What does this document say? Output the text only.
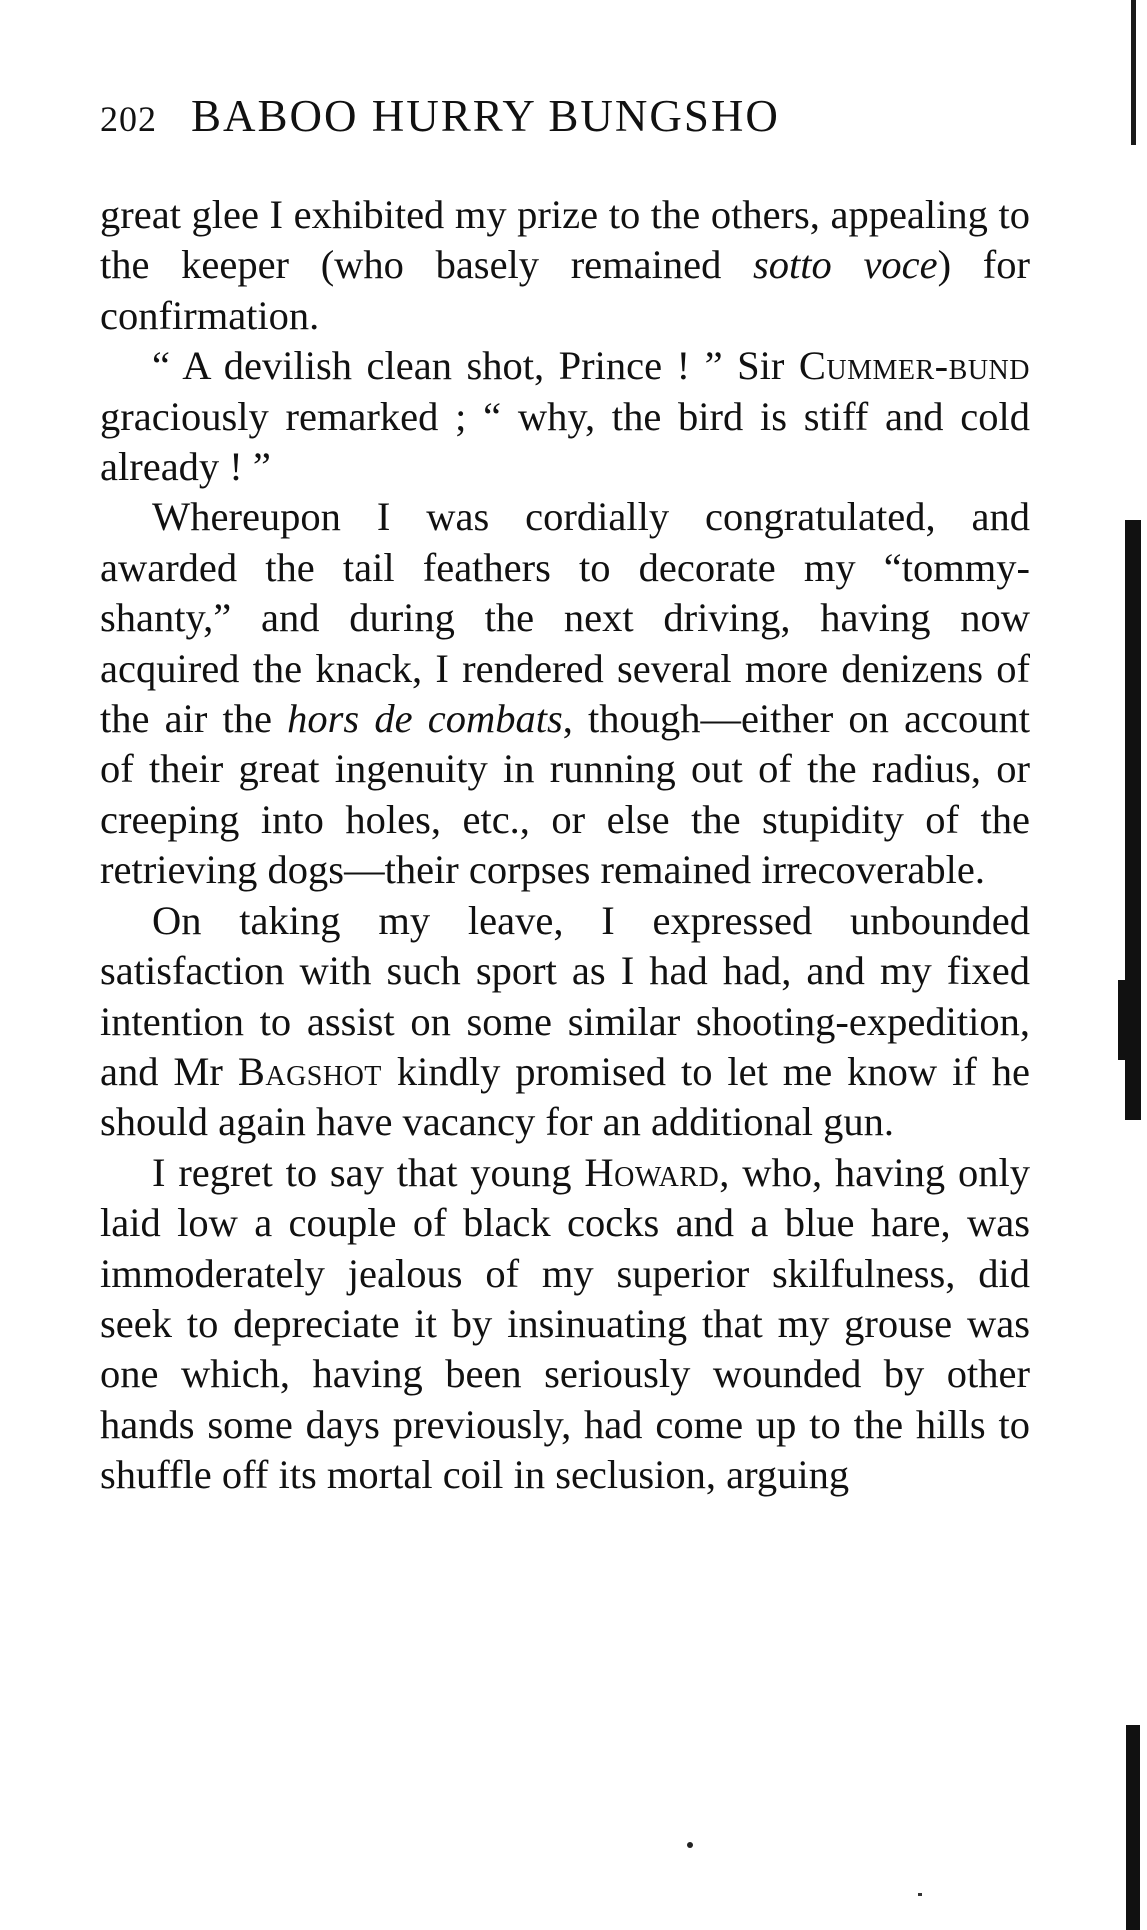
202 BABOO HURRY BUNGSHO

great glee I exhibited my prize to the others, appealing to the keeper (who basely remained sotto voce) for confirmation.

“ A devilish clean shot, Prince ! ” Sir Cummer-bund graciously remarked ; “ why, the bird is stiff and cold already ! ”

Whereupon I was cordially congratulated, and awarded the tail feathers to decorate my “tommy-shanty,” and during the next driving, having now acquired the knack, I rendered several more denizens of the air the hors de combats, though—either on account of their great ingenuity in running out of the radius, or creeping into holes, etc., or else the stupidity of the retrieving dogs—their corpses remained irrecoverable.

On taking my leave, I expressed unbounded satisfaction with such sport as I had had, and my fixed intention to assist on some similar shooting-expedition, and Mr Bagshot kindly promised to let me know if he should again have vacancy for an additional gun.

I regret to say that young Howard, who, having only laid low a couple of black cocks and a blue hare, was immoderately jealous of my superior skilfulness, did seek to depreciate it by insinuating that my grouse was one which, having been seriously wounded by other hands some days previously, had come up to the hills to shuffle off its mortal coil in seclusion, arguing
